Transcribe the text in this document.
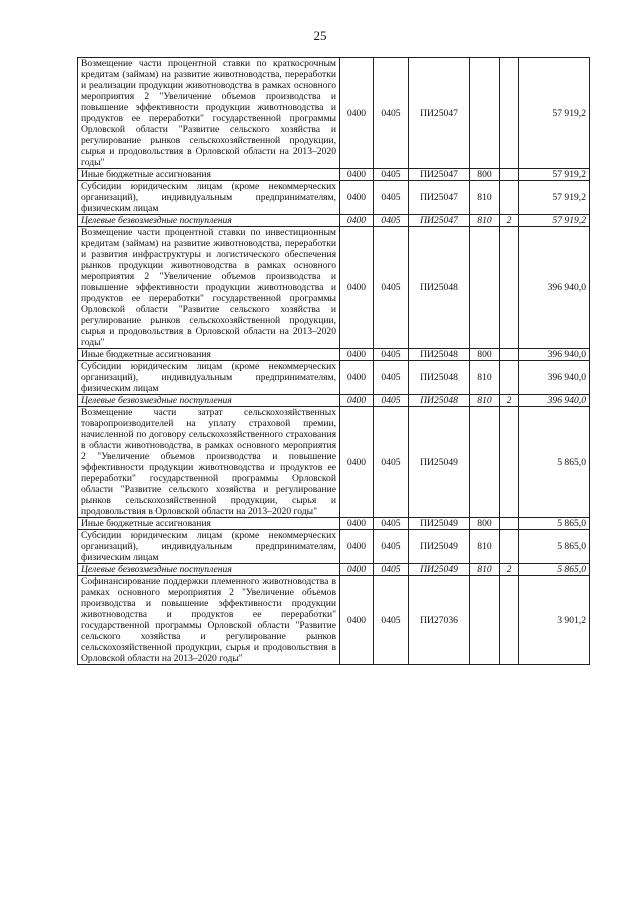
25
Возмещение части процентной ставки по краткосрочным кредитам (займам) на развитие животноводства, переработки и реализации продукции животноводства в рамках основного мероприятия 2 "Увеличение объемов производства и повышение эффективности продукции животноводства и продуктов ее переработки" государственной программы Орловской области "Развитие сельского хозяйства и регулирование рынков сельскохозяйственной продукции, сырья и продовольствия в Орловской области на 2013–2020 годы"	0400	0405	ПИ25047			57 919,2
Иные бюджетные ассигнования	0400	0405	ПИ25047	800		57 919,2
Субсидии юридическим лицам (кроме некоммерческих организаций), индивидуальным предпринимателям, физическим лицам	0400	0405	ПИ25047	810		57 919,2
Целевые безвозмездные поступления	0400	0405	ПИ25047	810	2	57 919,2
Возмещение части процентной ставки по инвестиционным кредитам (займам) на развитие животноводства, переработки и развития инфраструктуры и логистического обеспечения рынков продукции животноводства в рамках основного мероприятия 2 "Увеличение объемов производства и повышение эффективности продукции животноводства и продуктов ее переработки" государственной программы Орловской области "Развитие сельского хозяйства и регулирование рынков сельскохозяйственной продукции, сырья и продовольствия в Орловской области на 2013–2020 годы"	0400	0405	ПИ25048			396 940,0
Иные бюджетные ассигнования	0400	0405	ПИ25048	800		396 940,0
Субсидии юридическим лицам (кроме некоммерческих организаций), индивидуальным предпринимателям, физическим лицам	0400	0405	ПИ25048	810		396 940,0
Целевые безвозмездные поступления	0400	0405	ПИ25048	810	2	396 940,0
Возмещение части затрат сельскохозяйственных товаропроизводителей на уплату страховой премии, начисленной по договору сельскохозяйственного страхования в области животноводства, в рамках основного мероприятия 2 "Увеличение объемов производства и повышение эффективности продукции животноводства и продуктов ее переработки" государственной программы Орловской области "Развитие сельского хозяйства и регулирование рынков сельскохозяйственной продукции, сырья и продовольствия в Орловской области на 2013–2020 годы"	0400	0405	ПИ25049			5 865,0
Иные бюджетные ассигнования	0400	0405	ПИ25049	800		5 865,0
Субсидии юридическим лицам (кроме некоммерческих организаций), индивидуальным предпринимателям, физическим лицам	0400	0405	ПИ25049	810		5 865,0
Целевые безвозмездные поступления	0400	0405	ПИ25049	810	2	5 865,0
Софинансирование поддержки племенного животноводства в рамках основного мероприятия 2 "Увеличение объемов производства и повышение эффективности продукции животноводства и продуктов ее переработки" государственной программы Орловской области "Развитие сельского хозяйства и регулирование рынков сельскохозяйственной продукции, сырья и продовольствия в Орловской области на 2013–2020 годы"	0400	0405	ПИ27036			3 901,2
